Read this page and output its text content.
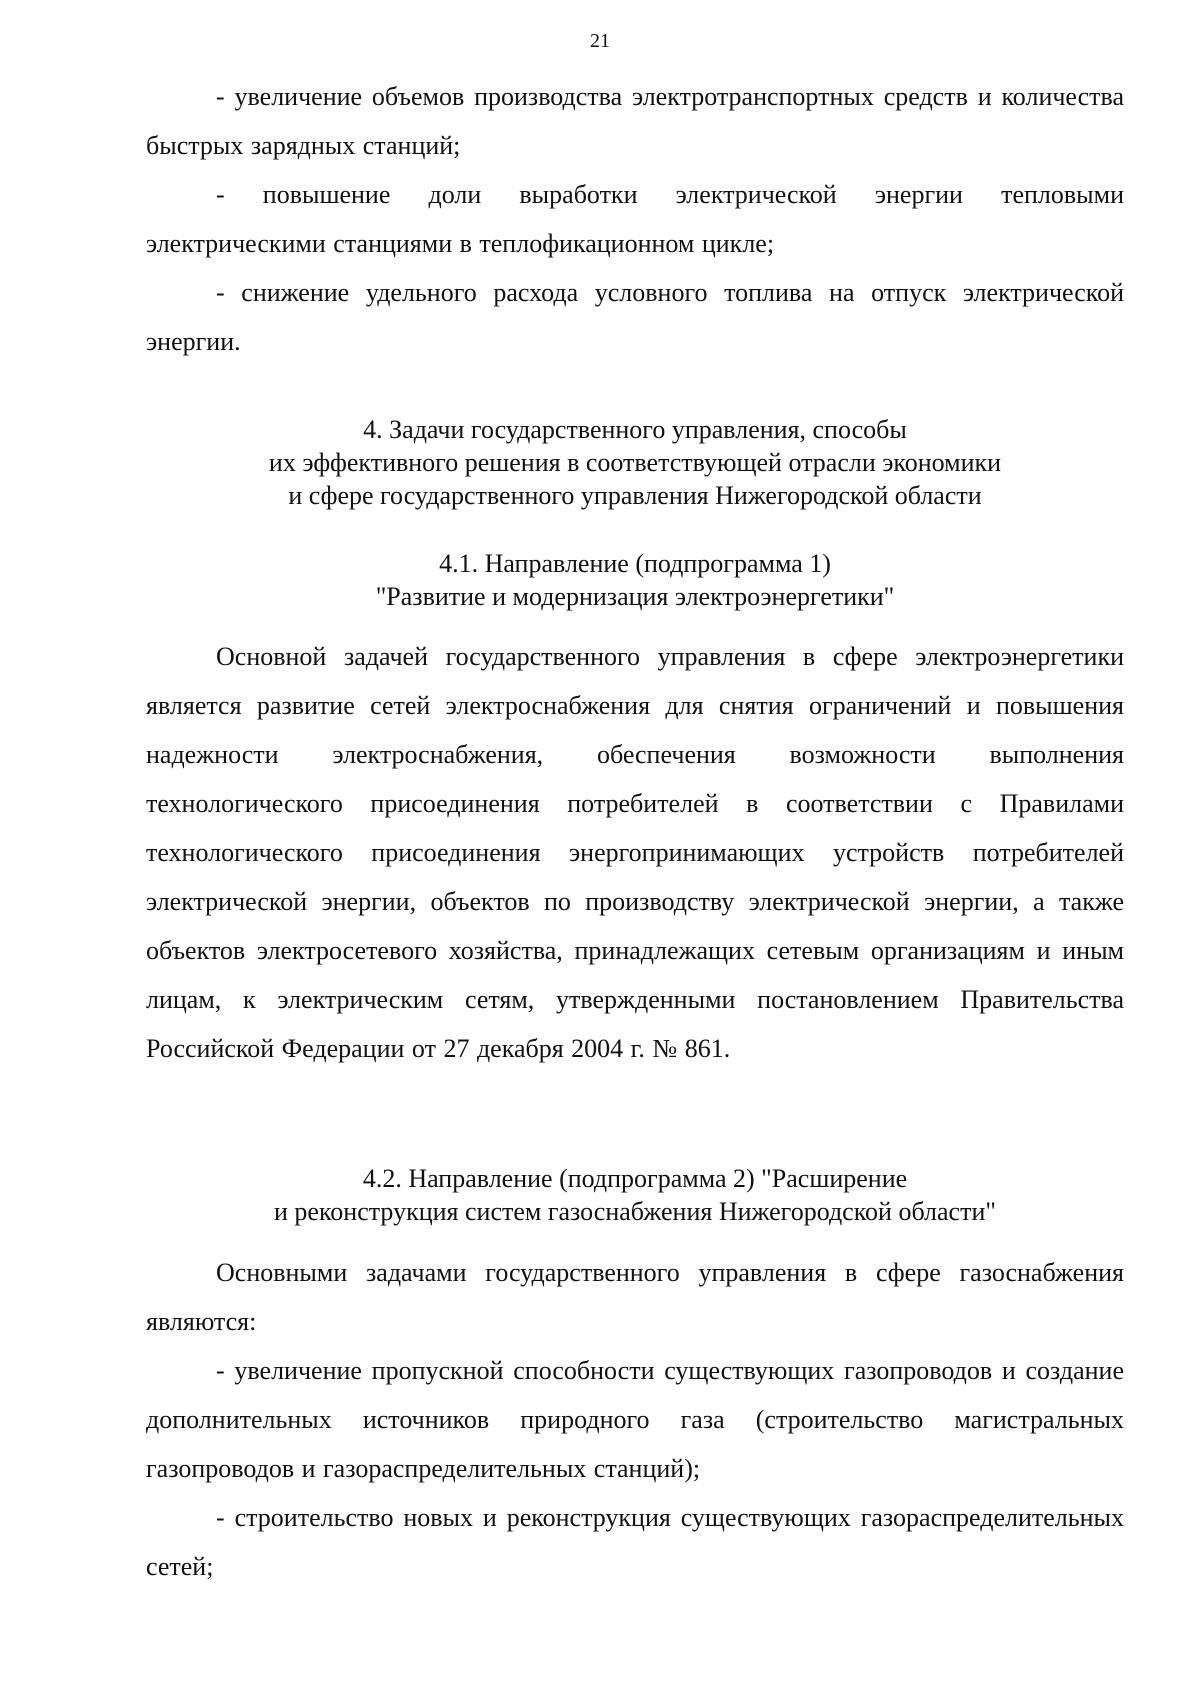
21

- увеличение объемов производства электротранспортных средств и количества быстрых зарядных станций;

- повышение доли выработки электрической энергии тепловыми электрическими станциями в теплофикационном цикле;

- снижение удельного расхода условного топлива на отпуск электрической энергии.

4. Задачи государственного управления, способы
их эффективного решения в соответствующей отрасли экономики
и сфере государственного управления Нижегородской области
4.1. Направление (подпрограмма 1)
"Развитие и модернизация электроэнергетики"

Основной задачей государственного управления в сфере электроэнергетики является развитие сетей электроснабжения для снятия ограничений и повышения надежности электроснабжения, обеспечения возможности выполнения технологического присоединения потребителей в соответствии с Правилами технологического присоединения энергопринимающих устройств потребителей электрической энергии, объектов по производству электрической энергии, а также объектов электросетевого хозяйства, принадлежащих сетевым организациям и иным лицам, к электрическим сетям, утвержденными постановлением Правительства Российской Федерации от 27 декабря 2004 г. № 861.

4.2. Направление (подпрограмма 2) "Расширение
и реконструкция систем газоснабжения Нижегородской области"

Основными задачами государственного управления в сфере газоснабжения являются:

- увеличение пропускной способности существующих газопроводов и создание дополнительных источников природного газа (строительство магистральных газопроводов и газораспределительных станций);

- строительство новых и реконструкция существующих газораспределительных сетей;
